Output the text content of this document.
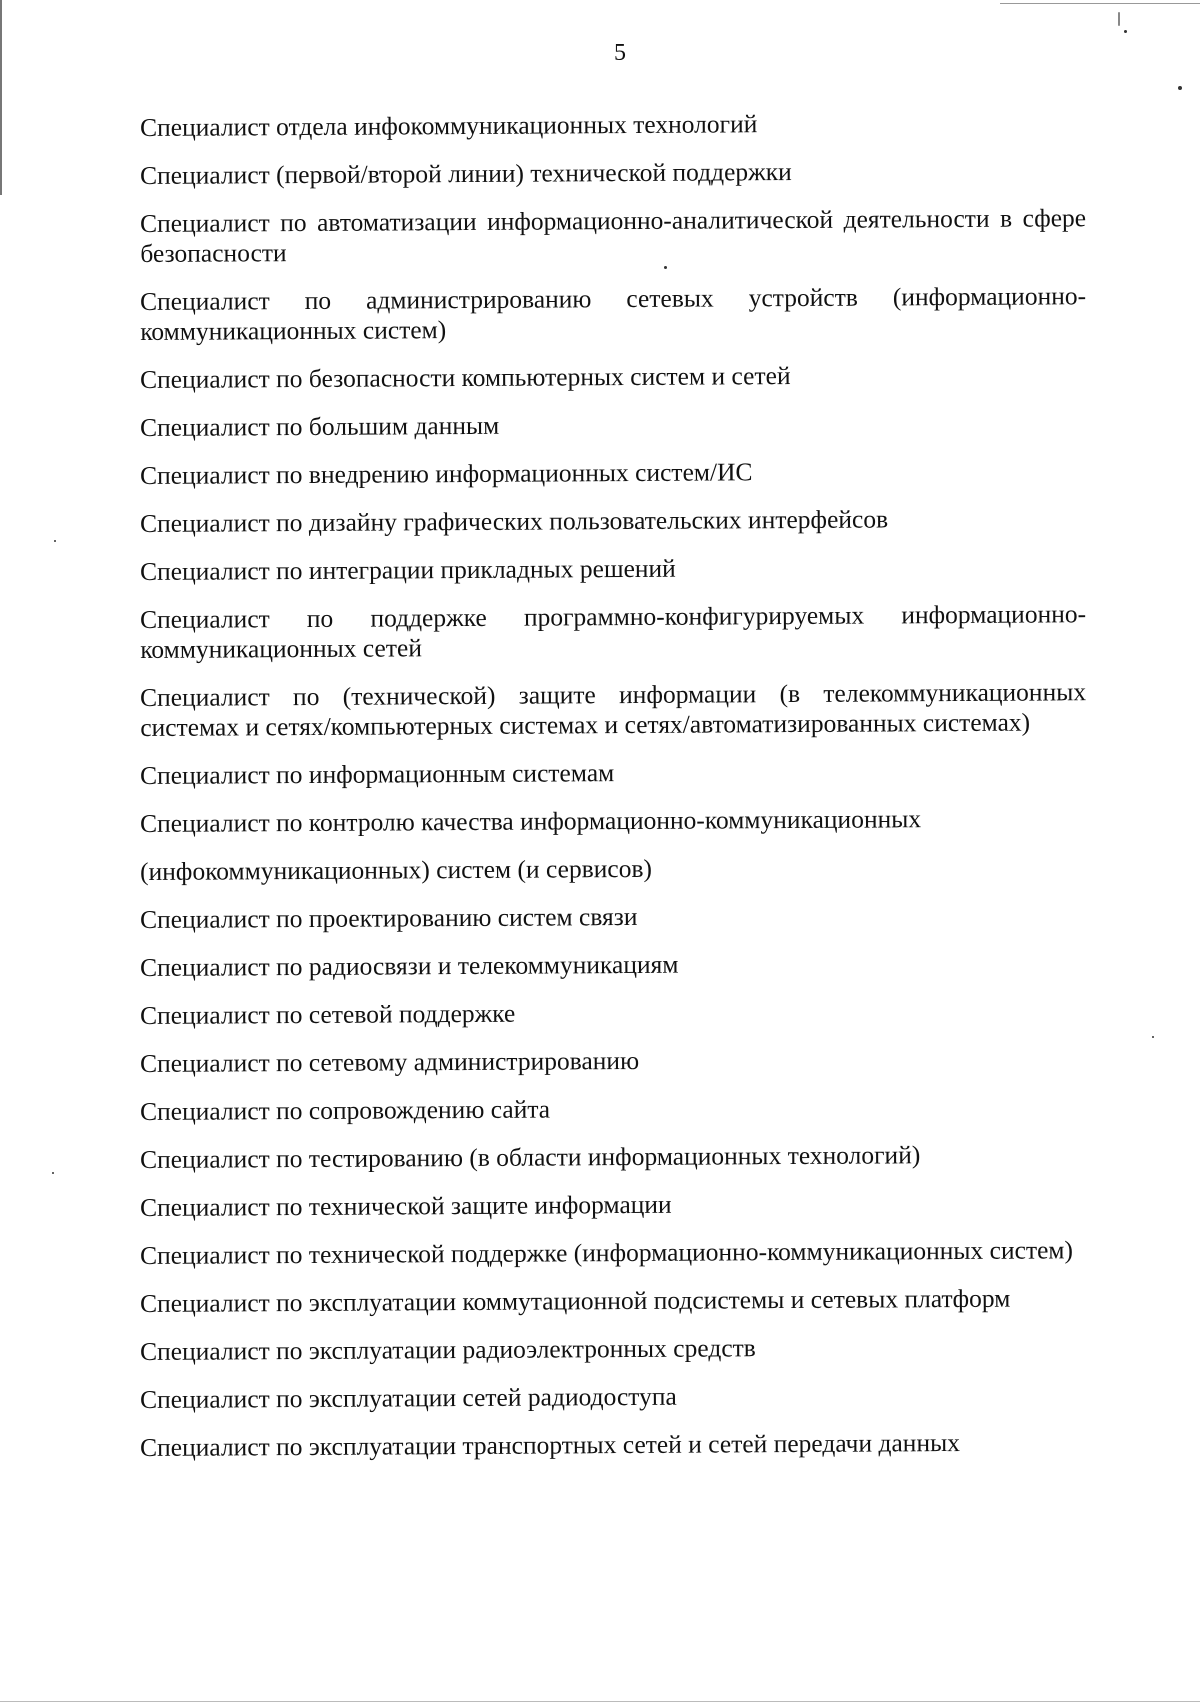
5
Специалист отдела инфокоммуникационных технологий
Специалист (первой/второй линии) технической поддержки
Специалист по автоматизации информационно-аналитической деятельности в сфере безопасности
Специалист по администрированию сетевых устройств (информационно-коммуникационных систем)
Специалист по безопасности компьютерных систем и сетей
Специалист по большим данным
Специалист по внедрению информационных систем/ИС
Специалист по дизайну графических пользовательских интерфейсов
Специалист по интеграции прикладных решений
Специалист по поддержке программно-конфигурируемых информационно-коммуникационных сетей
Специалист по (технической) защите информации (в телекоммуникационных системах и сетях/компьютерных системах и сетях/автоматизированных системах)
Специалист по информационным системам
Специалист по контролю качества информационно-коммуникационных
(инфокоммуникационных) систем (и сервисов)
Специалист по проектированию систем связи
Специалист по радиосвязи и телекоммуникациям
Специалист по сетевой поддержке
Специалист по сетевому администрированию
Специалист по сопровождению сайта
Специалист по тестированию (в области информационных технологий)
Специалист по технической защите информации
Специалист по технической поддержке (информационно-коммуникационных систем)
Специалист по эксплуатации коммутационной подсистемы и сетевых платформ
Специалист по эксплуатации радиоэлектронных средств
Специалист по эксплуатации сетей радиодоступа
Специалист по эксплуатации транспортных сетей и сетей передачи данных
